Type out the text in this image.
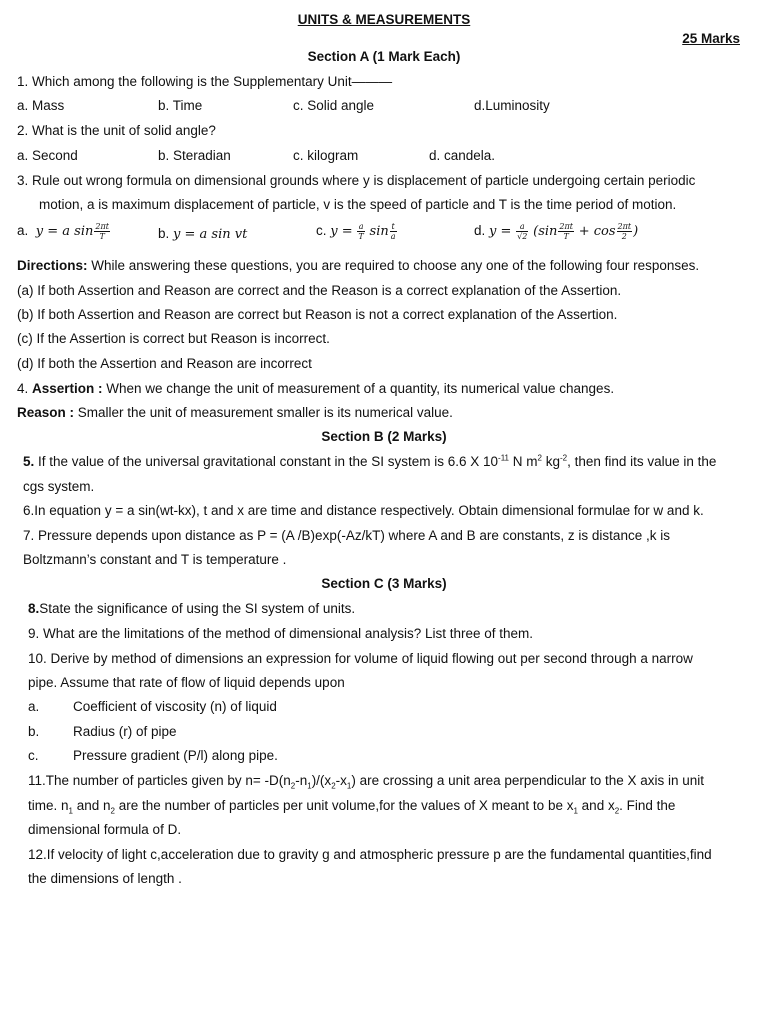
UNITS & MEASUREMENTS
25 Marks
Section A (1 Mark Each)
1. Which among the following is the Supplementary Unit———
a. Mass	b. Time	c. Solid angle	d.Luminosity
2. What is the unit of solid angle?
a. Second	b. Steradian	c. kilogram	d. candela.
3. Rule out wrong formula on dimensional grounds where y is displacement of particle undergoing certain periodic
motion, a is maximum displacement of particle, v is the speed of particle and T is the time period of motion.
a. y = a $\sin \frac{2\pi t}{T}$	b. y = a sin vt	c. $y = \frac{a}{T}$ $\sin \frac{t}{a}$	d. $y = \frac{a}{√2} (\sin \frac{2\pi t}{T} + \cos \frac{2\pi t}{2}$ )
Directions: While answering these questions, you are required to choose any one of the following four responses.
(a) If both Assertion and Reason are correct and the Reason is a correct explanation of the Assertion.
(b) If both Assertion and Reason are correct but Reason is not a correct explanation of the Assertion.
(c) If the Assertion is correct but Reason is incorrect.
(d) If both the Assertion and Reason are incorrect
4. Assertion : When we change the unit of measurement of a quantity, its numerical value changes.
Reason : Smaller the unit of measurement smaller is its numerical value.
Section B (2 Marks)
5. If the value of the universal gravitational constant in the SI system is 6.6 X $10^{-11}$ N $m^2$ $kg^{-2}$, then find its value in the
cgs system.
6.In equation y = a sin(wt-kx), t and x are time and distance respectively. Obtain dimensional formulae for w and k.
7. Pressure depends upon distance as P = (A /B)exp(-Az/kT) where A and B are constants, z is distance ,k is
Boltzmann’s constant and T is temperature .
Section C (3 Marks)
8.State the significance of using the SI system of units.
9. What are the limitations of the method of dimensional analysis? List three of them.
10. Derive by method of dimensions an expression for volume of liquid flowing out per second through a narrow
pipe. Assume that rate of flow of liquid depends upon
a. Coefficient of viscosity (n) of liquid
b. Radius (r) of pipe
c.	Pressure gradient (P/l) along pipe.
11.The number of particles given by $n= -D(n_2-n_1)/(x_2-x_1)$ are crossing a unit area perpendicular to the X axis in unit
time. $n_1$ and $n_2$ are the number of particles per unit volume,for the values of X meant to be $x_1$ and $x_2$. Find the
dimensional formula of D.
12.If velocity of light c,acceleration due to gravity g and atmospheric pressure p are the fundamental quantities,find
the dimensions of length .
